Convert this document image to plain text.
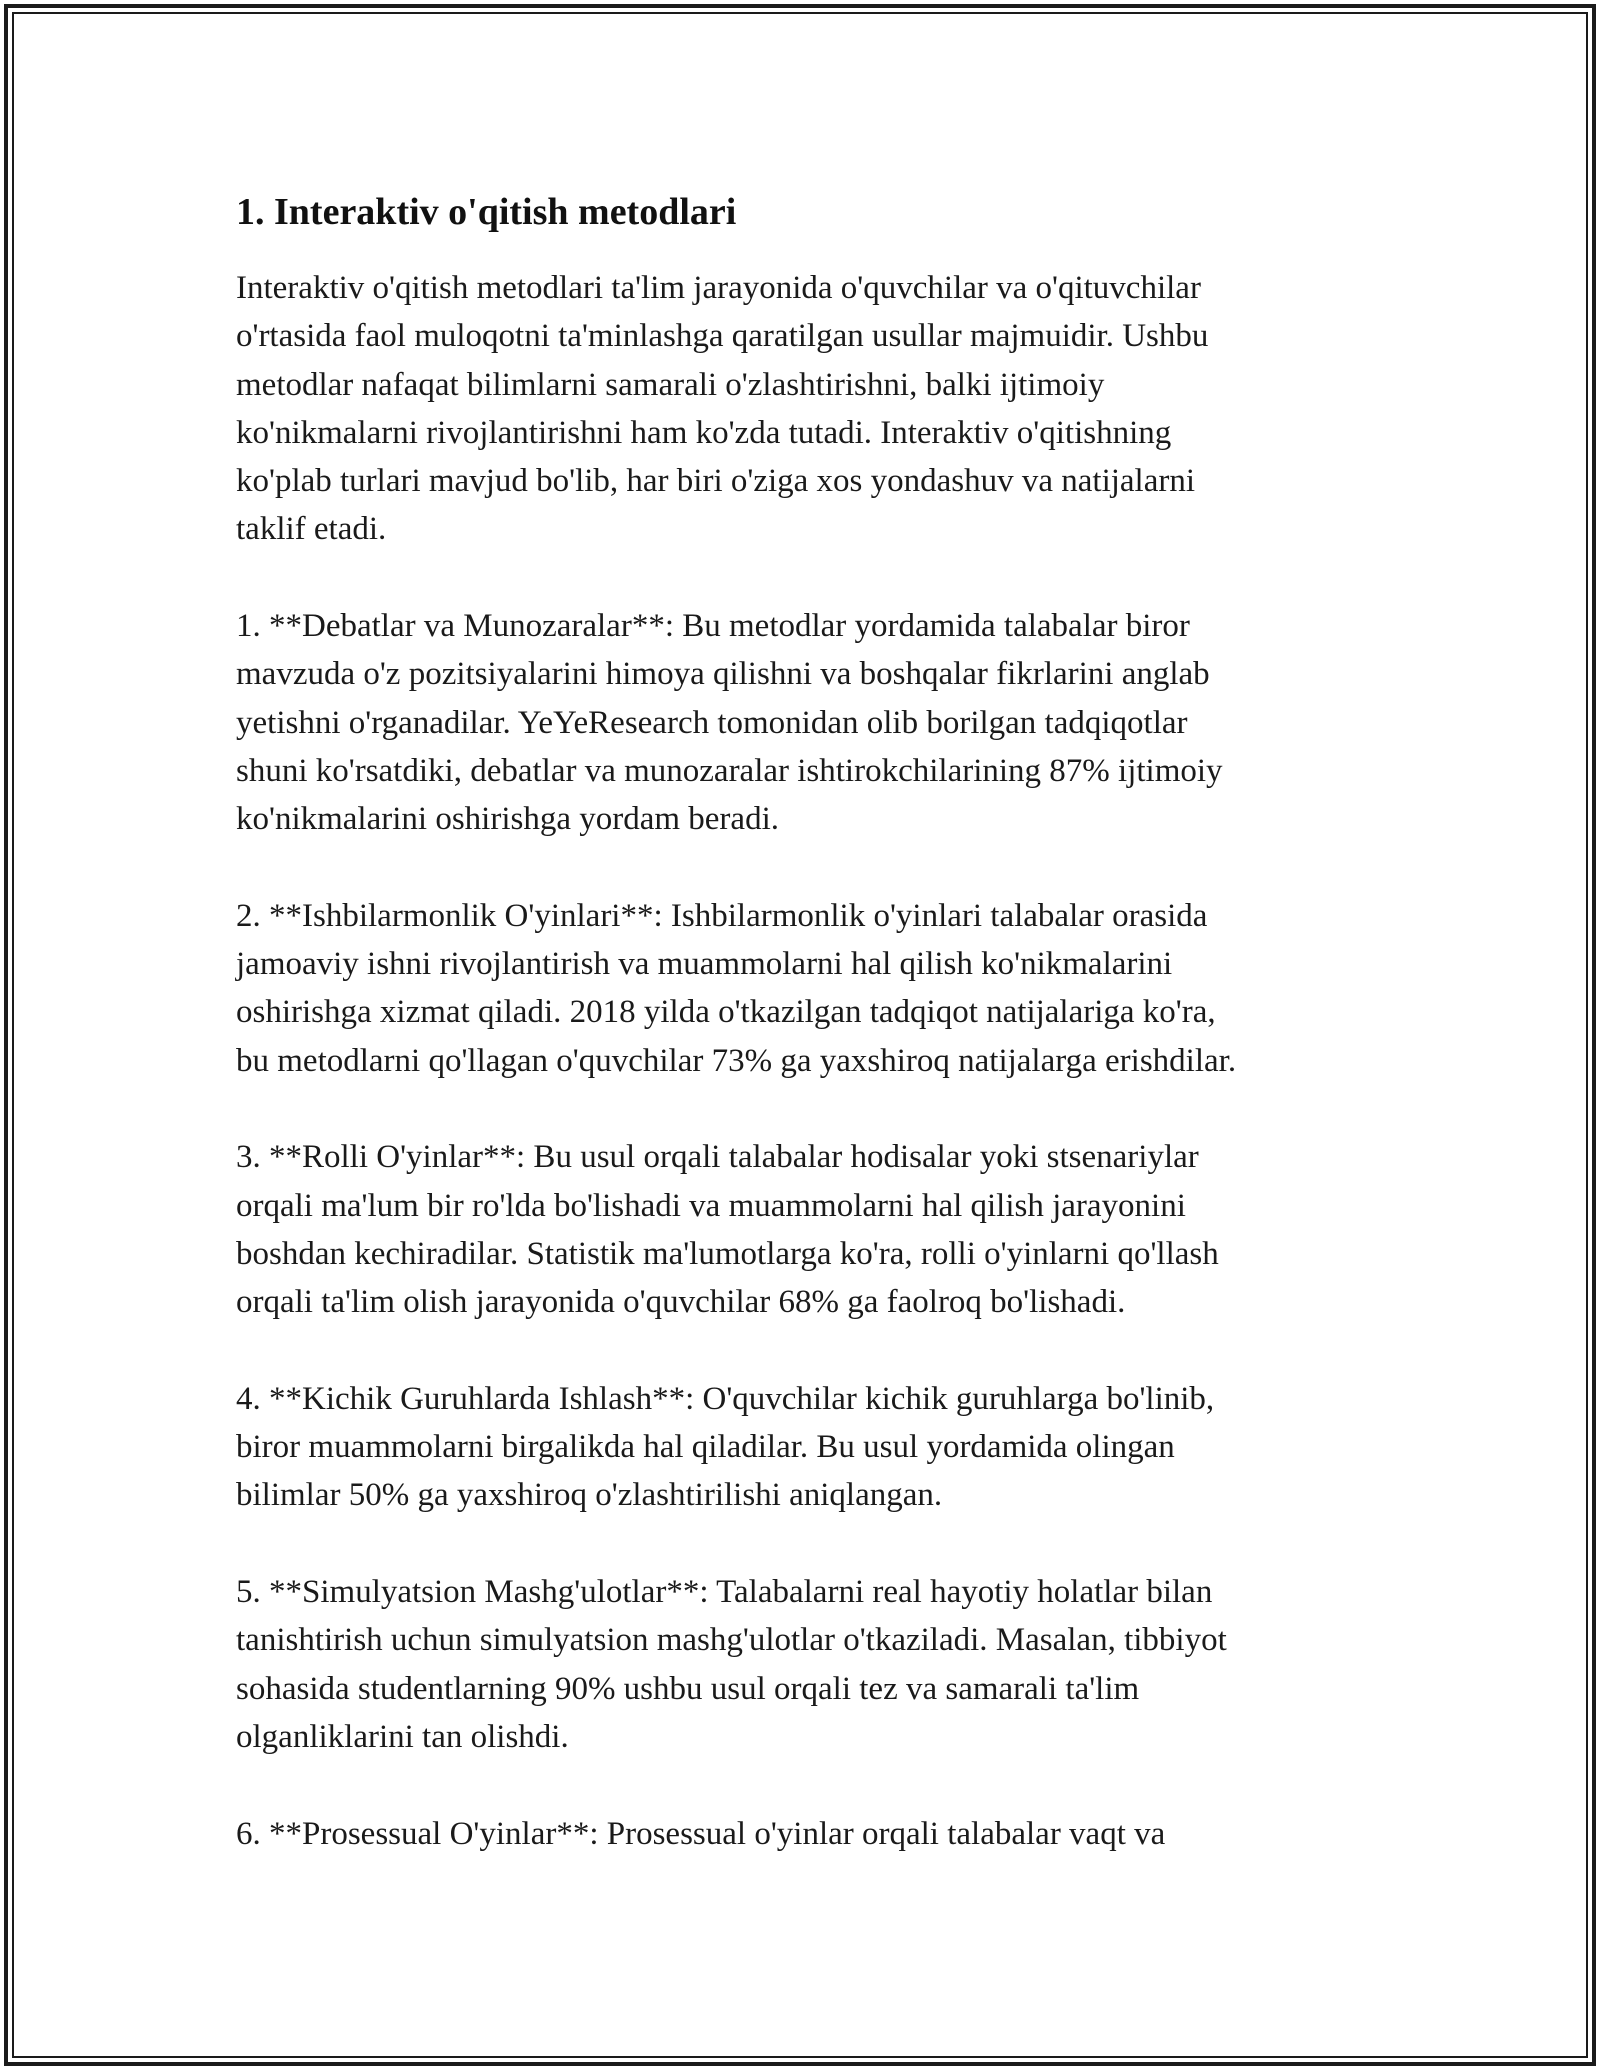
1. Interaktiv o'qitish metodlari

Interaktiv o'qitish metodlari ta'lim jarayonida o'quvchilar va o'qituvchilar
o'rtasida faol muloqotni ta'minlashga qaratilgan usullar majmuidir. Ushbu
metodlar nafaqat bilimlarni samarali o'zlashtirishni, balki ijtimoiy
ko'nikmalarni rivojlantirishni ham ko'zda tutadi. Interaktiv o'qitishning
ko'plab turlari mavjud bo'lib, har biri o'ziga xos yondashuv va natijalarni
taklif etadi.

1. **Debatlar va Munozaralar**: Bu metodlar yordamida talabalar biror
mavzuda o'z pozitsiyalarini himoya qilishni va boshqalar fikrlarini anglab
yetishni o'rganadilar. YeYeResearch tomonidan olib borilgan tadqiqotlar
shuni ko'rsatdiki, debatlar va munozaralar ishtirokchilarining 87% ijtimoiy
ko'nikmalarini oshirishga yordam beradi.

2. **Ishbilarmonlik O'yinlari**: Ishbilarmonlik o'yinlari talabalar orasida
jamoaviy ishni rivojlantirish va muammolarni hal qilish ko'nikmalarini
oshirishga xizmat qiladi. 2018 yilda o'tkazilgan tadqiqot natijalariga ko'ra,
bu metodlarni qo'llagan o'quvchilar 73% ga yaxshiroq natijalarga erishdilar.

3. **Rolli O'yinlar**: Bu usul orqali talabalar hodisalar yoki stsenariylar
orqali ma'lum bir ro'lda bo'lishadi va muammolarni hal qilish jarayonini
boshdan kechiradilar. Statistik ma'lumotlarga ko'ra, rolli o'yinlarni qo'llash
orqali ta'lim olish jarayonida o'quvchilar 68% ga faolroq bo'lishadi.

4. **Kichik Guruhlarda Ishlash**: O'quvchilar kichik guruhlarga bo'linib,
biror muammolarni birgalikda hal qiladilar. Bu usul yordamida olingan
bilimlar 50% ga yaxshiroq o'zlashtirilishi aniqlangan.

5. **Simulyatsion Mashg'ulotlar**: Talabalarni real hayotiy holatlar bilan
tanishtirish uchun simulyatsion mashg'ulotlar o'tkaziladi. Masalan, tibbiyot
sohasida studentlarning 90% ushbu usul orqali tez va samarali ta'lim
olganliklarini tan olishdi.

6. **Prosessual O'yinlar**: Prosessual o'yinlar orqali talabalar vaqt va
